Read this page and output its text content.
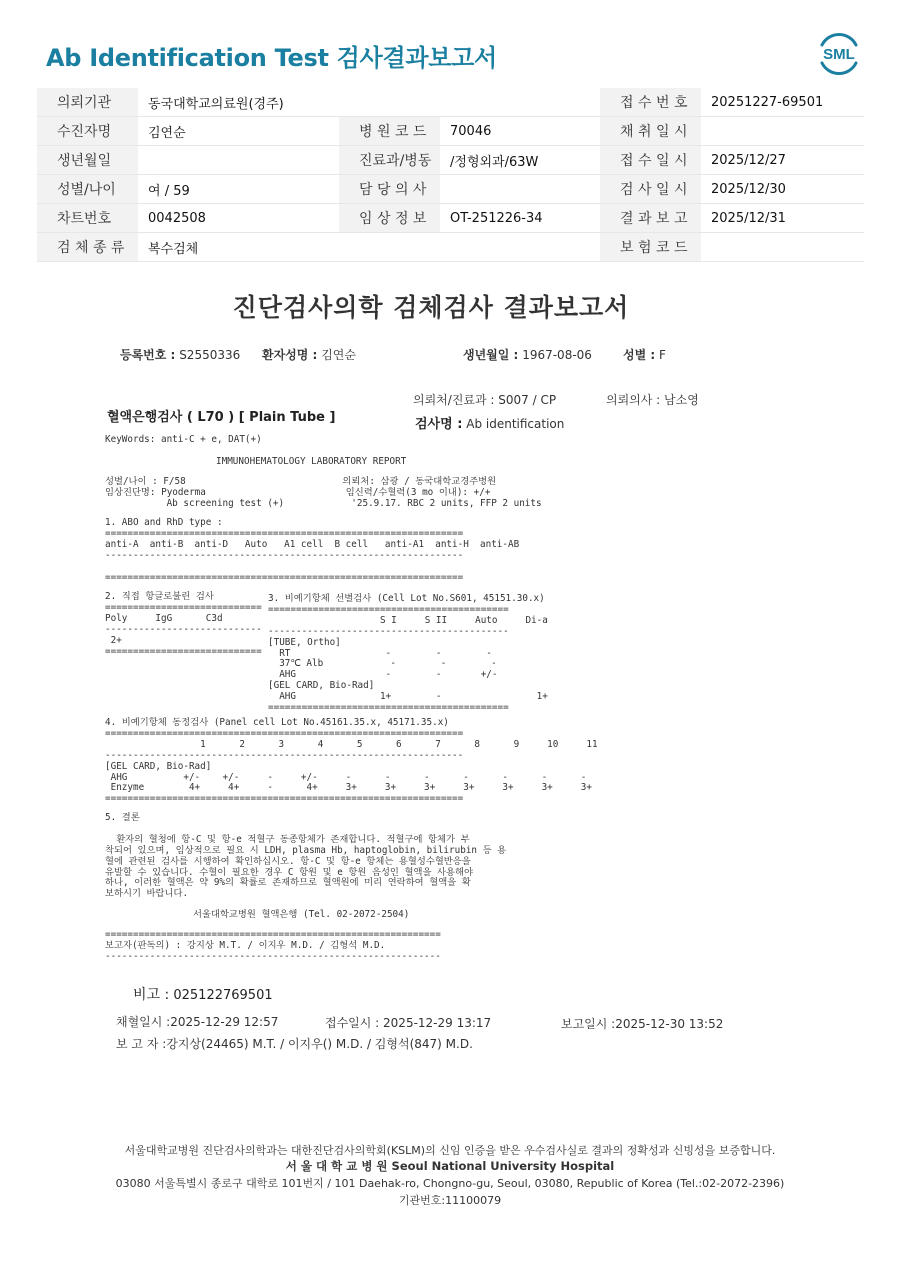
Ab Identification Test 검사결과보고서	SML
의뢰기관	동국대학교의료원(경주)			접 수 번 호	20251227-69501
수진자명	김연순	병 원 코 드	70046	채 취 일 시	
생년월일		진료과/병동	/정형외과/63W	접 수 일 시	2025/12/27
성별/나이	여 / 59	담 당 의 사		검 사 일 시	2025/12/30
차트번호	0042508	임 상 정 보	OT-251226-34	결 과 보 고	2025/12/31
검 체 종 류	복수검체			보 험 코 드	
진단검사의학 검체검사 결과보고서
등록번호 : S2550336 환자성명 : 김연순	생년월일 : 1967-08-06	성별 : F
의뢰처/진료과 : S007 / CP	의뢰의사 : 남소영
혈액은행검사 ( L70 ) [ Plain Tube ]	검사명 : Ab identification
KeyWords: anti-C + e, DAT(+)
IMMUNOHEMATOLOGY LABORATORY REPORT
성별/나이 : F/58                            의뢰처: 삼광 / 동국대학교경주병원
임상진단명: Pyoderma                         임신력/수혈력(3 mo 이내): +/+
Ab screening test (+)            '25.9.17. RBC 2 units, FFP 2 units
1. ABO and RhD type :
================================================================
anti-A  anti-B  anti-D   Auto   A1 cell  B cell   anti-A1  anti-H  anti-AB
----------------------------------------------------------------

================================================================
2. 직접 항글로불린 검사
============================
Poly     IgG      C3d
----------------------------
2+
============================
3. 비예기항체 선별검사 (Cell Lot No.S601, 45151.30.x)
===========================================
S I     S II     Auto     Di-a
-------------------------------------------
[TUBE, Ortho]
RT                 -        -        -
37℃ Alb            -        -        -
AHG                -        -       +/-
[GEL CARD, Bio-Rad]
AHG               1+        -                 1+
===========================================
4. 비예기항체 동정검사 (Panel cell Lot No.45161.35.x, 45171.35.x)
================================================================
1      2      3      4      5      6      7      8      9     10     11
----------------------------------------------------------------
[GEL CARD, Bio-Rad]
AHG          +/-    +/-     -     +/-     -      -      -      -      -      -      -
Enzyme        4+     4+     -      4+     3+     3+     3+     3+     3+     3+     3+
================================================================
5. 결론

환자의 혈청에 항-C 및 항-e 적혈구 동종항체가 존재합니다. 적혈구에 항체가 부
착되어 있으며, 임상적으로 필요 시 LDH, plasma Hb, haptoglobin, bilirubin 등 용
혈에 관련된 검사를 시행하여 확인하십시오. 항-C 및 항-e 항체는 용혈성수혈반응을
유발할 수 있습니다. 수혈이 필요한 경우 C 항원 및 e 항원 음성인 혈액을 사용해야
하나, 이러한 혈액은 약 9%의 확률로 존재하므로 혈액원에 미리 연락하여 혈액을 확
보하시기 바랍니다.
서울대학교병원 혈액은행 (Tel. 02-2072-2504)
============================================================
보고자(판독의) : 강지상 M.T. / 이지우 M.D. / 김형석 M.D.
------------------------------------------------------------
비고 : 025122769501
채혈일시 :2025-12-29 12:57	접수일시 : 2025-12-29 13:17	보고일시 :2025-12-30 13:52
보 고 자 :강지상(24465) M.T. / 이지우() M.D. / 김형석(847) M.D.
서울대학교병원 진단검사의학과는 대한진단검사의학회(KSLM)의 신임 인증을 받은 우수검사실로 결과의 정확성과 신빙성을 보증합니다.
서 울 대 학 교 병 원 Seoul National University Hospital
03080 서울특별시 종로구 대학로 101번지 / 101 Daehak-ro, Chongno-gu, Seoul, 03080, Republic of Korea (Tel.:02-2072-2396)
기관번호:11100079
